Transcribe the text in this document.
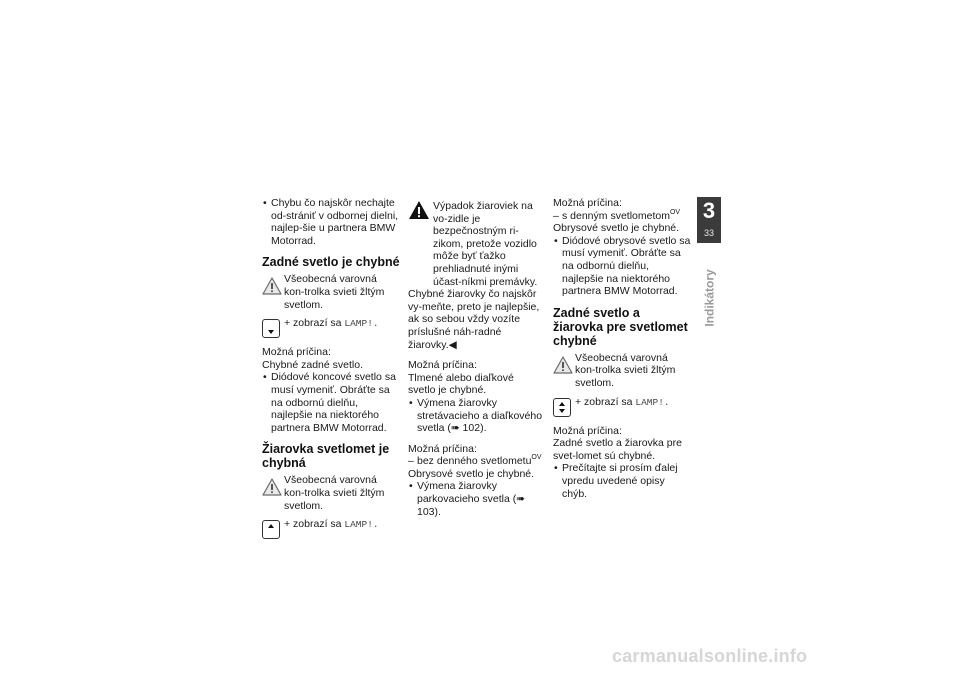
• Chybu čo najskôr nechajte od-strániť v odbornej dielni, najlep-šie u partnera BMW Motorrad.

Zadné svetlo je chybné

Všeobecná varovná kon-trolka svieti žltým svetlom.

+ zobrazí sa LAMP!.

Možná príčina:

Chybné zadné svetlo.

• Diódové koncové svetlo sa musí vymeniť. Obráťte sa na odbornú dielňu, najlepšie na niektorého partnera BMW Motorrad.

Žiarovka svetlomet je chybná

Všeobecná varovná kon-trolka svieti žltým svetlom.

+ zobrazí sa LAMP!.

Výpadok žiaroviek na vo-zidle je bezpečnostným ri-zikom, pretože vozidlo môže byť ťažko prehliadnuté inými účast-níkmi premávky.

Chybné žiarovky čo najskôr vy-meňte, preto je najlepšie, ak so sebou vždy vozíte príslušné náh-radné žiarovky.◀

Možná príčina:

Tlmené alebo diaľkové svetlo je chybné.

• Výmena žiarovky stretávacieho a diaľkového svetla (➠ 102).

Možná príčina:

– bez denného svetlometu$^{OV}$

Obrysové svetlo je chybné.

• Výmena žiarovky parkovacieho svetla (➠ 103).

Možná príčina:

– s denným svetlometom$^{OV}$

Obrysové svetlo je chybné.

• Diódové obrysové svetlo sa musí vymeniť. Obráťte sa na odbornú dielňu, najlepšie na niektorého partnera BMW Motorrad.

Zadné svetlo a žiarovka pre svetlomet chybné

Všeobecná varovná kon-trolka svieti žltým svetlom.

+ zobrazí sa LAMP!.

Možná príčina:

Zadné svetlo a žiarovka pre svet-lomet sú chybné.

• Prečítajte si prosím ďalej vpredu uvedené opisy chýb.

3
33
Indikátory
carmanualsonline.info
